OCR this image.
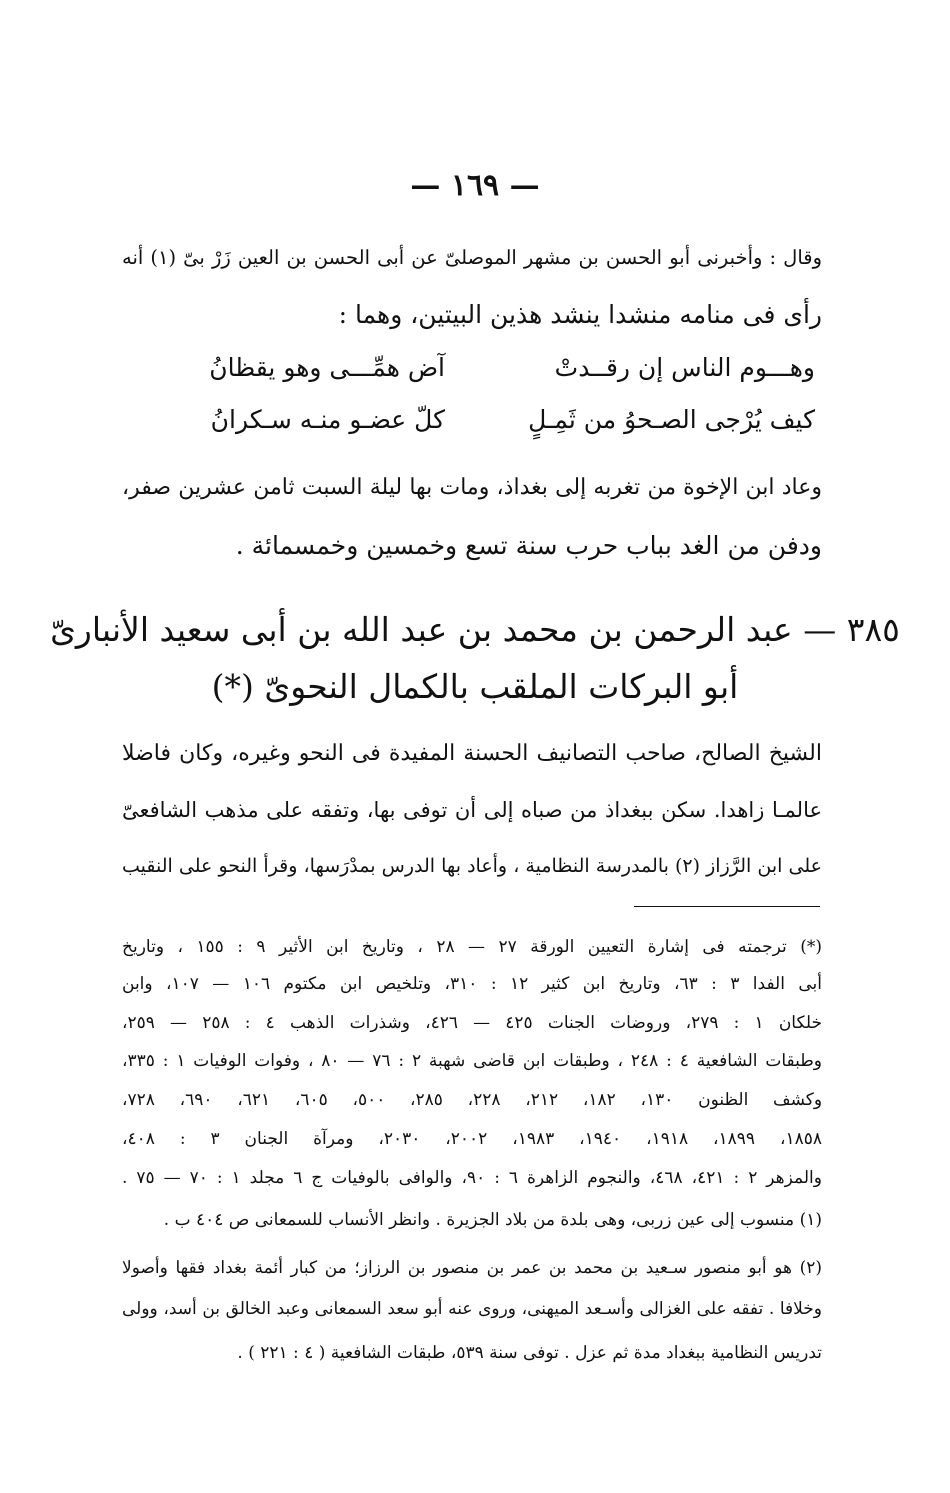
— ١٦٩ —
وقال : وأخبرنى أبو الحسن بن مشهر الموصلىّ عن أبى الحسن بن العين زَرْ بىّ (١) أنه
رأى فى منامه منشدا ينشد هذين البيتين، وهما :
وهـــوم الناس إن رقــدتْ
آض همِّـــى وهو يقظانُ
كيف يُرْجى الصـحوُ من ثَمِـلٍ
كلّ عضـو منـه سـكرانُ
وعاد ابن الإخوة من تغربه إلى بغداذ، ومات بها ليلة السبت ثامن عشرين صفر،
ودفن من الغد بباب حرب سنة تسع وخمسين وخمسمائة .
٣٨٥ — عبد الرحمن بن محمد بن عبد الله بن أبى سعيد الأنبارىّ
أبو البركات الملقب بالكمال النحوىّ (*)
الشيخ الصالح، صاحب التصانيف الحسنة المفيدة فى النحو وغيره، وكان فاضلا
عالمـا زاهدا. سكن ببغداذ من صباه إلى أن توفى بها، وتفقه على مذهب الشافعىّ
على ابن الرَّزاز (٢) بالمدرسة النظامية ، وأعاد بها الدرس بمدْرَسها، وقرأ النحو على النقيب
(*) ترجمته فى إشارة التعيين الورقة ٢٧ — ٢٨ ، وتاريخ ابن الأثير ٩ : ١٥٥ ، وتاريخ
أبى الفدا ٣ : ٦٣، وتاريخ ابن كثير ١٢ : ٣١٠، وتلخيص ابن مكتوم ١٠٦ — ١٠٧، وابن
خلكان ١ : ٢٧٩، وروضات الجنات ٤٢٥ — ٤٢٦، وشذرات الذهب ٤ : ٢٥٨ — ٢٥٩،
وطبقات الشافعية ٤ : ٢٤٨ ، وطبقات ابن قاضى شهبة ٢ : ٧٦ — ٨٠ ، وفوات الوفيات ١ : ٣٣٥،
وكشف الظنون ١٣٠، ١٨٢، ٢١٢، ٢٢٨، ٢٨٥، ٥٠٠، ٦٠٥، ٦٢١، ٦٩٠، ٧٢٨،
١٨٥٨، ١٨٩٩، ١٩١٨، ١٩٤٠، ١٩٨٣، ٢٠٠٢، ٢٠٣٠، ومرآة الجنان ٣ : ٤٠٨،
والمزهر ٢ : ٤٢١، ٤٦٨، والنجوم الزاهرة ٦ : ٩٠، والوافى بالوفيات ج ٦ مجلد ١ : ٧٠ — ٧٥ .
(١) منسوب إلى عين زربى، وهى بلدة من بلاد الجزيرة . وانظر الأنساب للسمعانى ص ٤٠٤ ب .
(٢) هو أبو منصور سـعيد بن محمد بن عمر بن منصور بن الرزاز؛ من كبار أئمة بغداد فقها وأصولا
وخلافا . تفقه على الغزالى وأسـعد الميهنى، وروى عنه أبو سعد السمعانى وعبد الخالق بن أسد، وولى
تدريس النظامية ببغداد مدة ثم عزل . توفى سنة ٥٣٩، طبقات الشافعية ( ٤ : ٢٢١ ) .
